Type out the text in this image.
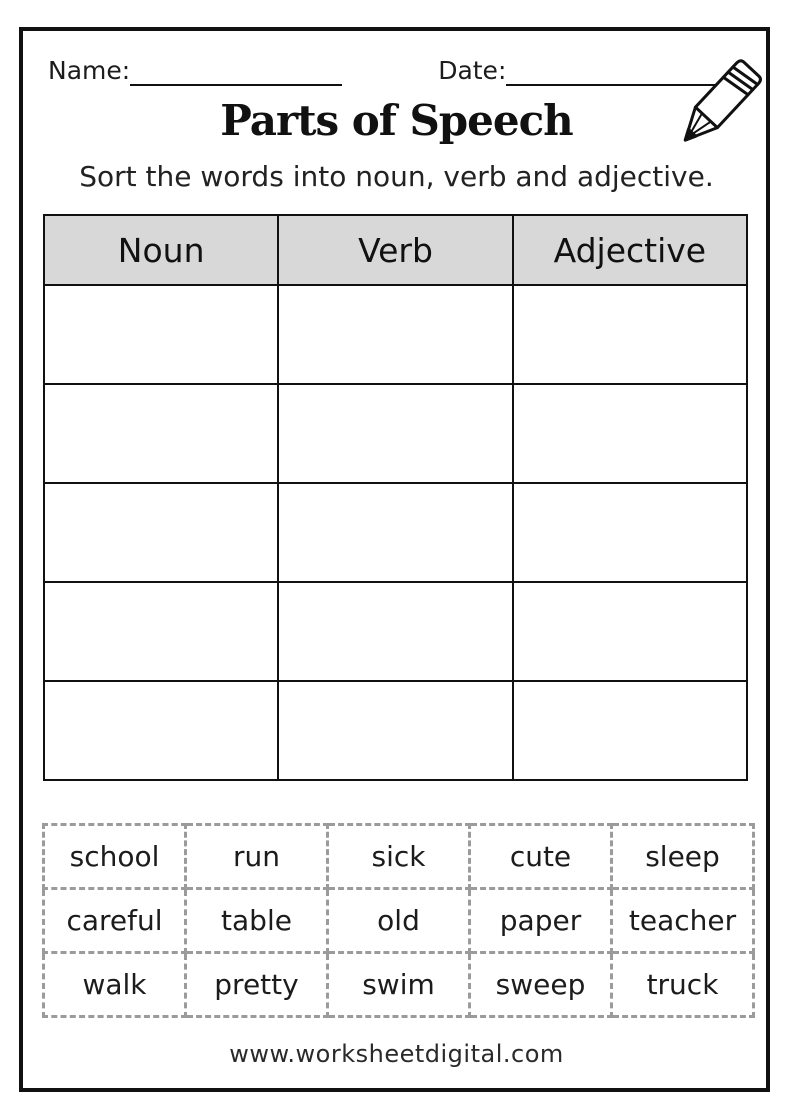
Name:	Date:
Parts of Speech

Sort the words into noun, verb and adjective.

Noun	Verb	Adjective

school	run	sick	cute	sleep
careful	table	old	paper	teacher
walk	pretty	swim	sweep	truck
www.worksheetdigital.com
